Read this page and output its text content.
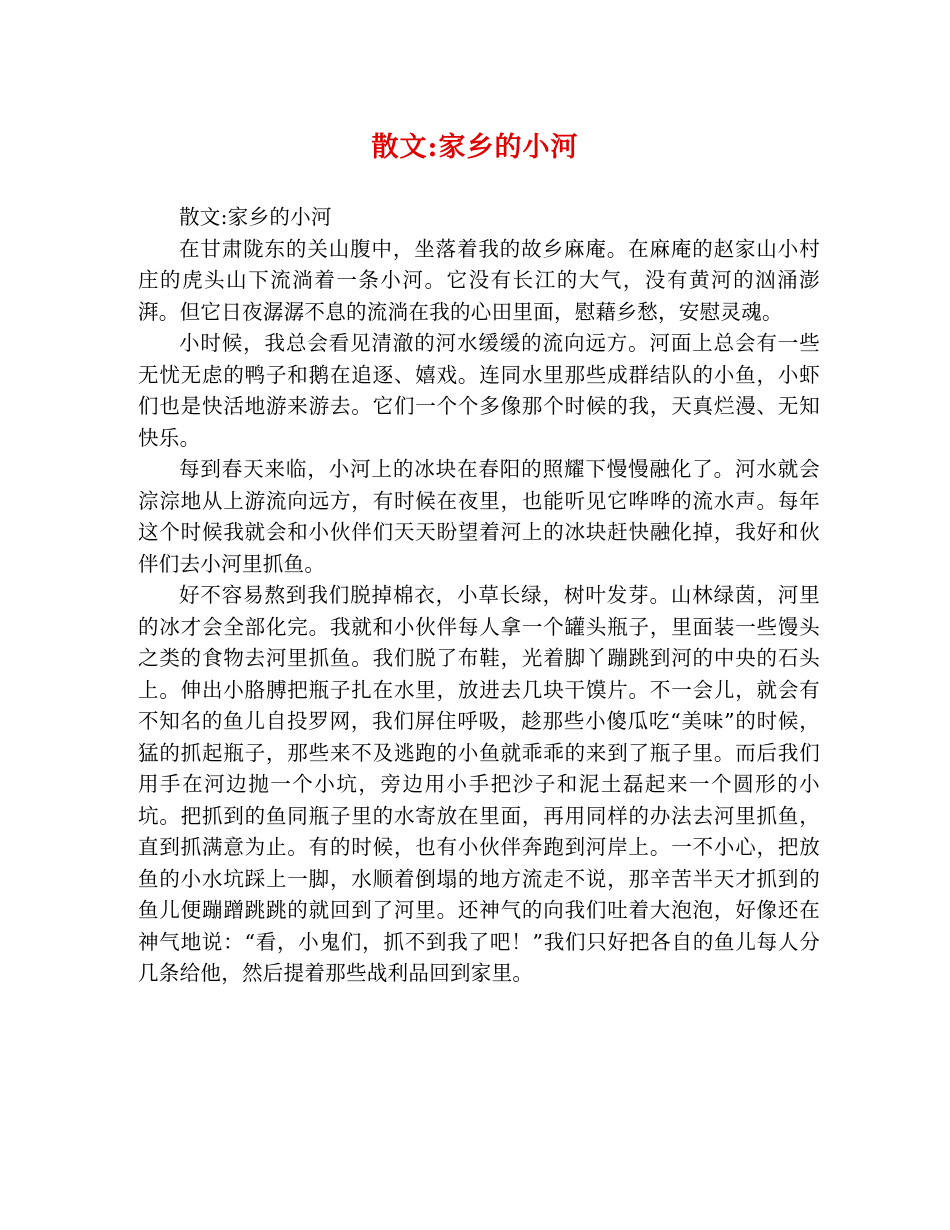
散文:家乡的小河

散文:家乡的小河

在甘肃陇东的关山腹中，坐落着我的故乡麻庵。在麻庵的赵家山小村庄的虎头山下流淌着一条小河。它没有长江的大气，没有黄河的汹涌澎湃。但它日夜潺潺不息的流淌在我的心田里面，慰藉乡愁，安慰灵魂。

小时候，我总会看见清澈的河水缓缓的流向远方。河面上总会有一些无忧无虑的鸭子和鹅在追逐、嬉戏。连同水里那些成群结队的小鱼，小虾们也是快活地游来游去。它们一个个多像那个时候的我，天真烂漫、无知快乐。

每到春天来临，小河上的冰块在春阳的照耀下慢慢融化了。河水就会淙淙地从上游流向远方，有时候在夜里，也能听见它哗哗的流水声。每年这个时候我就会和小伙伴们天天盼望着河上的冰块赶快融化掉，我好和伙伴们去小河里抓鱼。

好不容易熬到我们脱掉棉衣，小草长绿，树叶发芽。山林绿茵，河里的冰才会全部化完。我就和小伙伴每人拿一个罐头瓶子，里面装一些馒头之类的食物去河里抓鱼。我们脱了布鞋，光着脚丫蹦跳到河的中央的石头上。伸出小胳膊把瓶子扎在水里，放进去几块干馍片。不一会儿，就会有不知名的鱼儿自投罗网，我们屏住呼吸，趁那些小傻瓜吃“美味”的时候，猛的抓起瓶子，那些来不及逃跑的小鱼就乖乖的来到了瓶子里。而后我们用手在河边抛一个小坑，旁边用小手把沙子和泥土磊起来一个圆形的小坑。把抓到的鱼同瓶子里的水寄放在里面，再用同样的办法去河里抓鱼，直到抓满意为止。有的时候，也有小伙伴奔跑到河岸上。一不小心，把放鱼的小水坑踩上一脚，水顺着倒塌的地方流走不说，那辛苦半天才抓到的鱼儿便蹦蹭跳跳的就回到了河里。还神气的向我们吐着大泡泡，好像还在神气地说：“看，小鬼们，抓不到我了吧！”我们只好把各自的鱼儿每人分几条给他，然后提着那些战利品回到家里。
